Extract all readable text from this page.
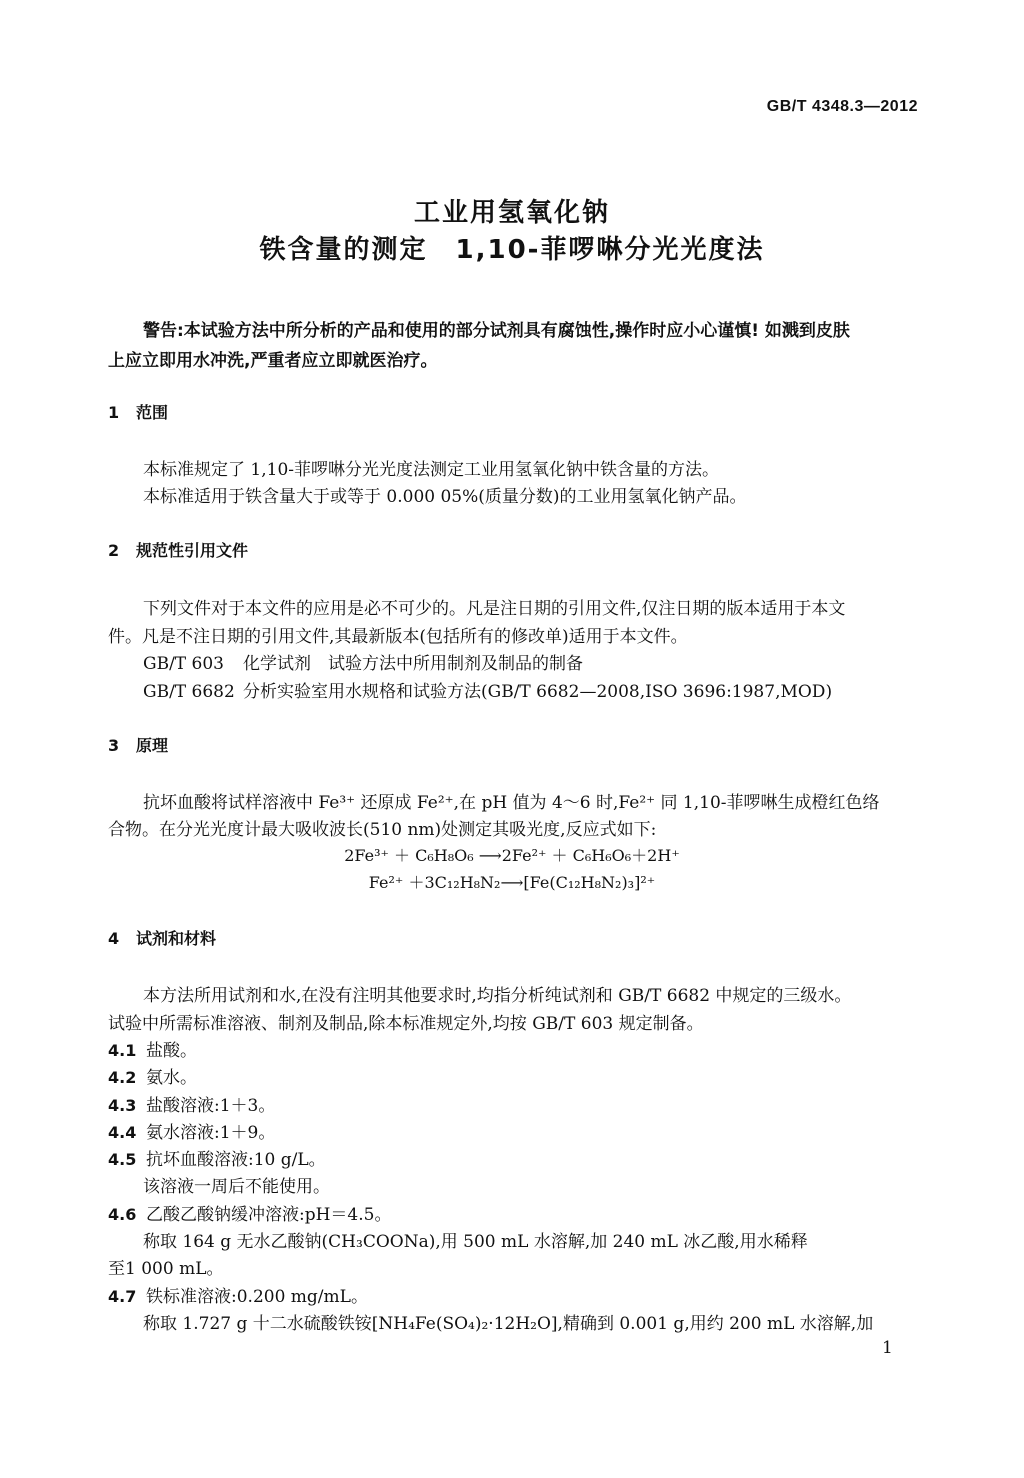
GB/T 4348.3—2012
工业用氢氧化钠
铁含量的测定　1,10-菲啰啉分光光度法
警告:本试验方法中所分析的产品和使用的部分试剂具有腐蚀性,操作时应小心谨慎! 如溅到皮肤
上应立即用水冲洗,严重者应立即就医治疗。
1 范围
本标准规定了 1,10-菲啰啉分光光度法测定工业用氢氧化钠中铁含量的方法。
本标准适用于铁含量大于或等于 0.000 05%(质量分数)的工业用氢氧化钠产品。
2 规范性引用文件
下列文件对于本文件的应用是必不可少的。凡是注日期的引用文件,仅注日期的版本适用于本文
件。凡是不注日期的引用文件,其最新版本(包括所有的修改单)适用于本文件。
GB/T 603 化学试剂　试验方法中所用制剂及制品的制备
GB/T 6682 分析实验室用水规格和试验方法(GB/T 6682—2008,ISO 3696:1987,MOD)
3 原理
抗坏血酸将试样溶液中 Fe³⁺ 还原成 Fe²⁺,在 pH 值为 4～6 时,Fe²⁺ 同 1,10-菲啰啉生成橙红色络
合物。在分光光度计最大吸收波长(510 nm)处测定其吸光度,反应式如下:
2Fe³⁺ ＋ C₆H₈O₆ ⟶2Fe²⁺ ＋ C₆H₆O₆＋2H⁺
Fe²⁺ ＋3C₁₂H₈N₂⟶[Fe(C₁₂H₈N₂)₃]²⁺
4 试剂和材料
本方法所用试剂和水,在没有注明其他要求时,均指分析纯试剂和 GB/T 6682 中规定的三级水。
试验中所需标准溶液、制剂及制品,除本标准规定外,均按 GB/T 603 规定制备。
4.1 盐酸。
4.2 氨水。
4.3 盐酸溶液:1＋3。
4.4 氨水溶液:1＋9。
4.5 抗坏血酸溶液:10 g/L。
该溶液一周后不能使用。
4.6 乙酸乙酸钠缓冲溶液:pH＝4.5。
称取 164 g 无水乙酸钠(CH₃COONa),用 500 mL 水溶解,加 240 mL 冰乙酸,用水稀释
至1 000 mL。
4.7 铁标准溶液:0.200 mg/mL。
称取 1.727 g 十二水硫酸铁铵[NH₄Fe(SO₄)₂·12H₂O],精确到 0.001 g,用约 200 mL 水溶解,加
1
